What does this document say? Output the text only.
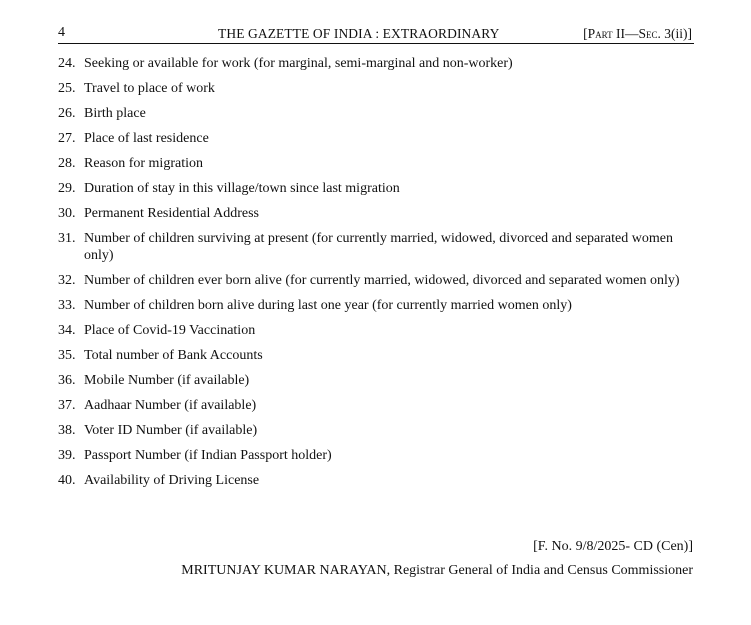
4	THE GAZETTE OF INDIA : EXTRAORDINARY	[Part II—Sec. 3(ii)]
24. Seeking or available for work (for marginal, semi-marginal and non-worker)
25. Travel to place of work
26. Birth place
27. Place of last residence
28. Reason for migration
29. Duration of stay in this village/town since last migration
30. Permanent Residential Address
31. Number of children surviving at present (for currently married, widowed, divorced and separated women only)
32. Number of children ever born alive (for currently married, widowed, divorced and separated women only)
33. Number of children born alive during last one year (for currently married women only)
34. Place of Covid-19 Vaccination
35. Total number of Bank Accounts
36. Mobile Number (if available)
37. Aadhaar Number (if available)
38. Voter ID Number (if available)
39. Passport Number (if Indian Passport holder)
40. Availability of Driving License
[F. No. 9/8/2025- CD (Cen)]
MRITUNJAY KUMAR NARAYAN, Registrar General of India and Census Commissioner
